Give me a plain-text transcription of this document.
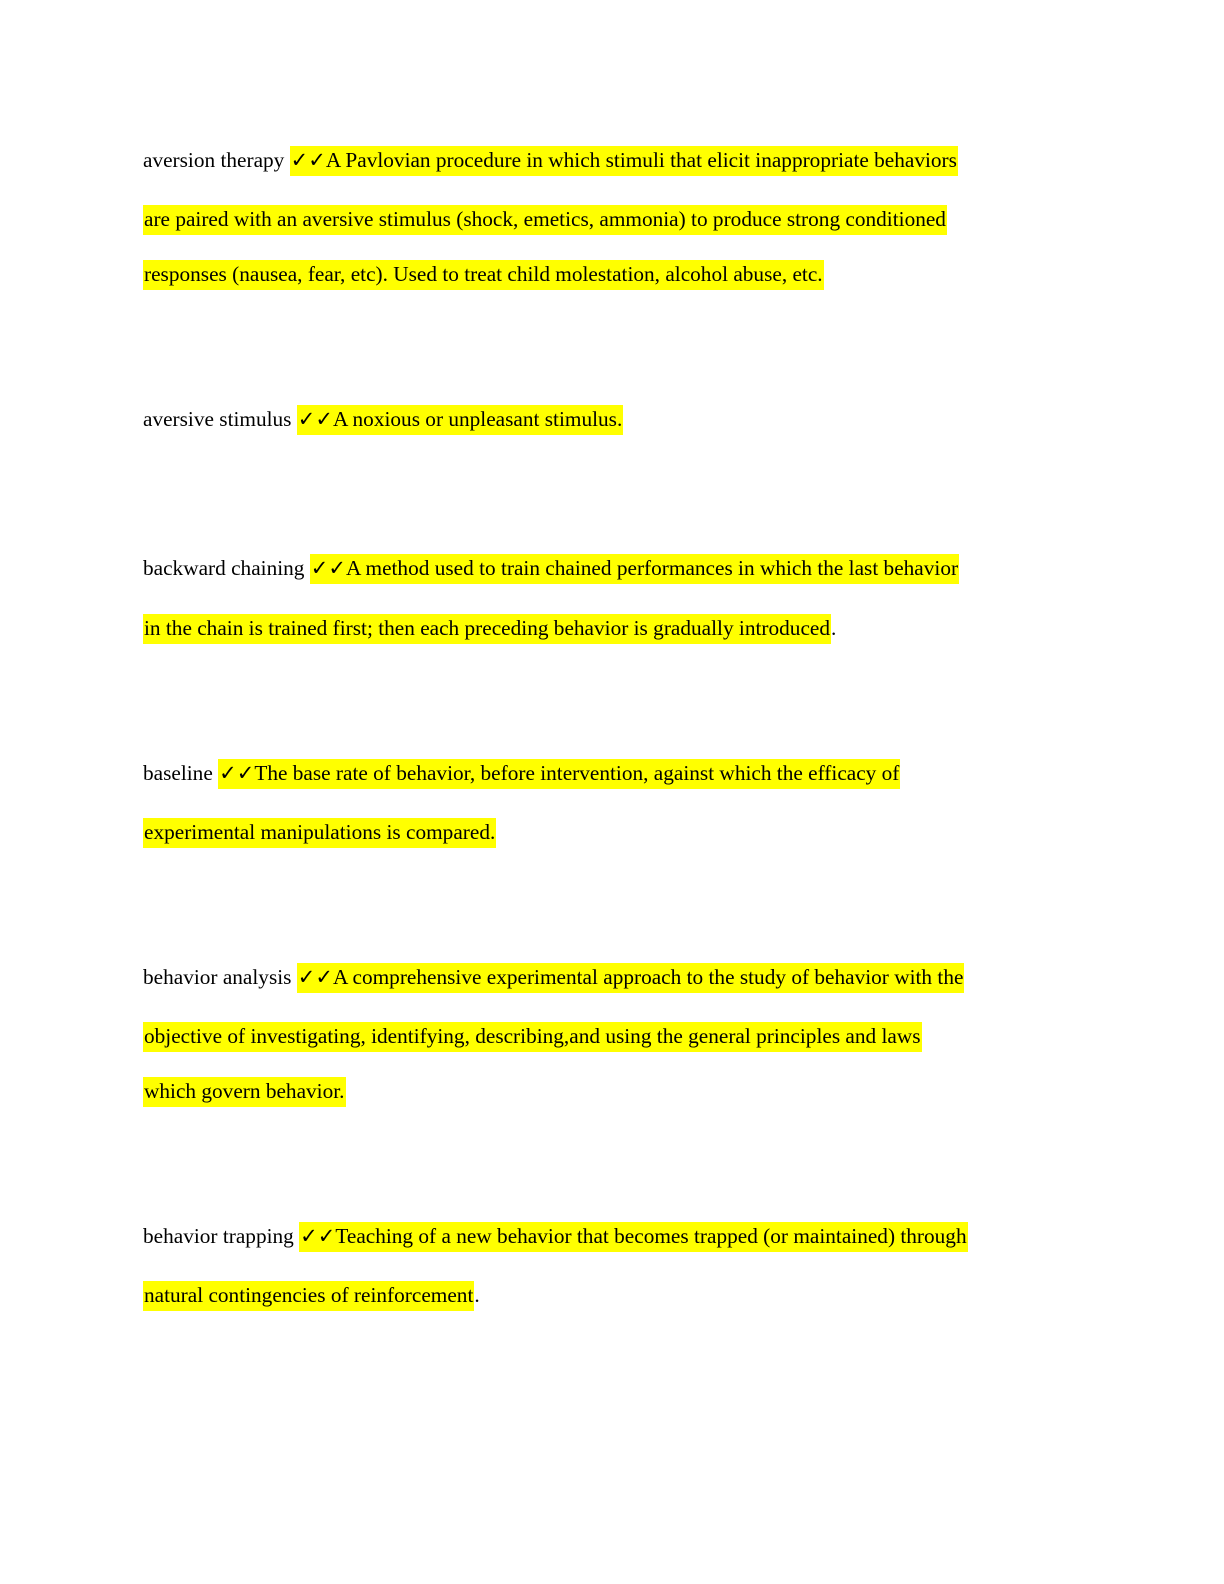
aversion therapy ✓✓A Pavlovian procedure in which stimuli that elicit inappropriate behaviors
are paired with an aversive stimulus (shock, emetics, ammonia) to produce strong conditioned
responses (nausea, fear, etc). Used to treat child molestation, alcohol abuse, etc.
aversive stimulus ✓✓A noxious or unpleasant stimulus.
backward chaining ✓✓A method used to train chained performances in which the last behavior
in the chain is trained first; then each preceding behavior is gradually introduced.
baseline ✓✓The base rate of behavior, before intervention, against which the efficacy of
experimental manipulations is compared.
behavior analysis ✓✓A comprehensive experimental approach to the study of behavior with the
objective of investigating, identifying, describing,and using the general principles and laws
which govern behavior.
behavior trapping ✓✓Teaching of a new behavior that becomes trapped (or maintained) through
natural contingencies of reinforcement.
